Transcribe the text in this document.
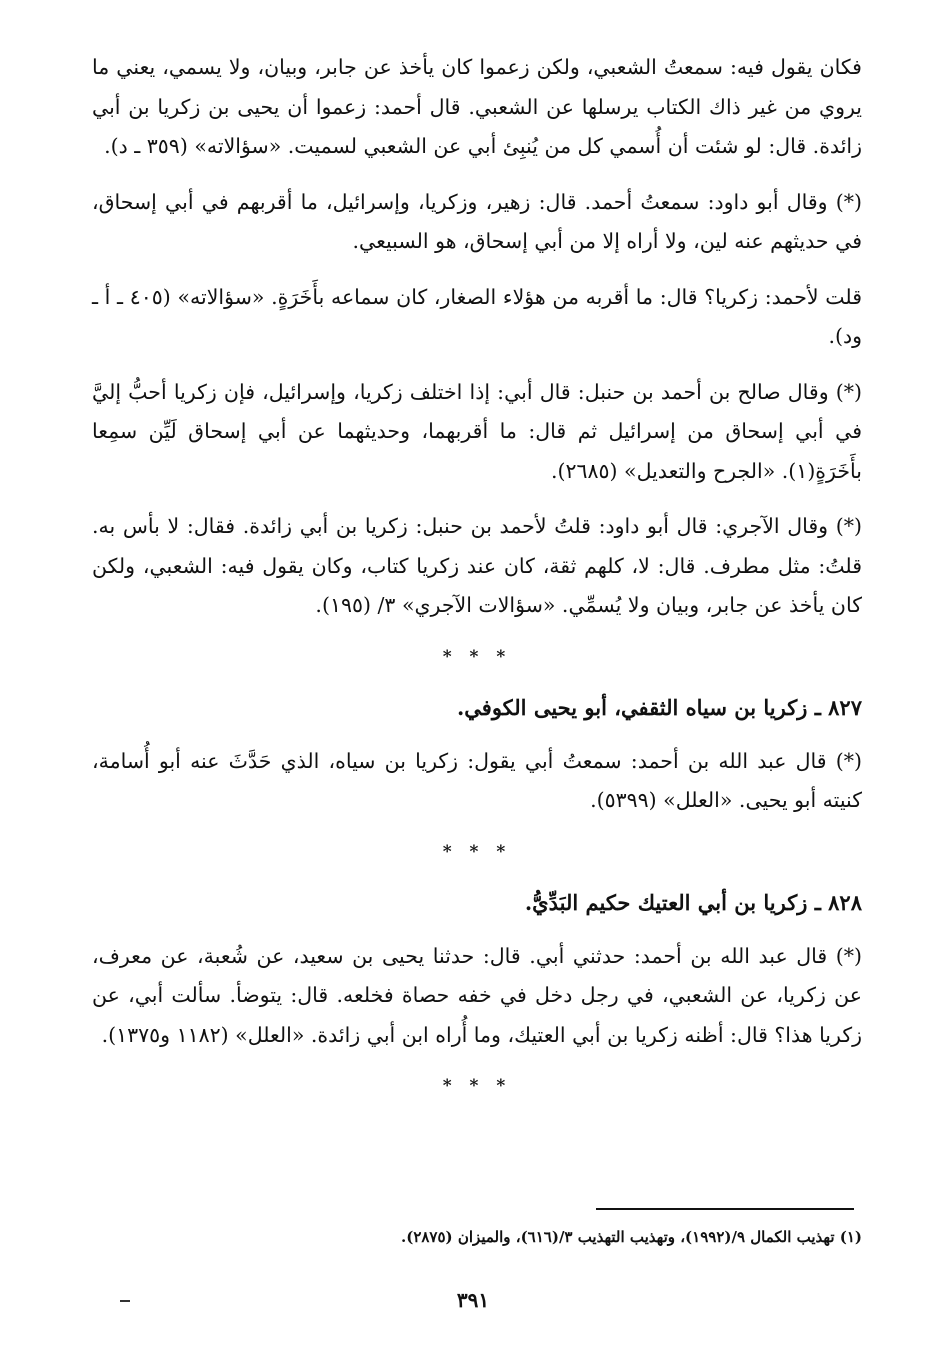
فكان يقول فيه: سمعتُ الشعبي، ولكن زعموا كان يأخذ عن جابر، وبيان، ولا يسمي، يعني ما يروي من غير ذاك الكتاب يرسلها عن الشعبي. قال أحمد: زعموا أن يحيى بن زكريا بن أبي زائدة. قال: لو شئت أن أُسمي كل من يُنبِئ أبي عن الشعبي لسميت. «سؤالاته» (٣٥٩ ـ د).

(*) وقال أبو داود: سمعتُ أحمد. قال: زهير، وزكريا، وإسرائيل، ما أقربهم في أبي إسحاق، في حديثهم عنه لين، ولا أراه إلا من أبي إسحاق، هو السبيعي.

قلت لأحمد: زكريا؟ قال: ما أقربه من هؤلاء الصغار، كان سماعه بأَخَرَةٍ. «سؤالاته» (٤٠٥ ـ أ ـ ود).

(*) وقال صالح بن أحمد بن حنبل: قال أبي: إذا اختلف زكريا، وإسرائيل، فإن زكريا أحبُّ إليَّ في أبي إسحاق من إسرائيل ثم قال: ما أقربهما، وحديثهما عن أبي إسحاق لَيِّن سمِعا بأَخَرَةٍ(١). «الجرح والتعديل» (٢٦٨٥).

(*) وقال الآجري: قال أبو داود: قلتُ لأحمد بن حنبل: زكريا بن أبي زائدة. فقال: لا بأس به. قلتُ: مثل مطرف. قال: لا، كلهم ثقة، كان عند زكريا كتاب، وكان يقول فيه: الشعبي، ولكن كان يأخذ عن جابر، وبيان ولا يُسمِّي. «سؤالات الآجري» ٣/ (١٩٥).

* * *
٨٢٧ ـ زكريا بن سياه الثقفي، أبو يحيى الكوفي.

(*) قال عبد الله بن أحمد: سمعتُ أبي يقول: زكريا بن سياه، الذي حَدَّثَ عنه أبو أُسامة، كنيته أبو يحيى. «العلل» (٥٣٩٩).

* * *
٨٢٨ ـ زكريا بن أبي العتيك حكيم البَدِّيُّ.

(*) قال عبد الله بن أحمد: حدثني أبي. قال: حدثنا يحيى بن سعيد، عن شُعبة، عن معرف، عن زكريا، عن الشعبي، في رجل دخل في خفه حصاة فخلعه. قال: يتوضأ. سألت أبي، عن زكريا هذا؟ قال: أظنه زكريا بن أبي العتيك، وما أُراه ابن أبي زائدة. «العلل» (١١٨٢ و١٣٧٥).

* * *
(١) تهذيب الكمال ٩/(١٩٩٢)، وتهذيب التهذيب ٣/(٦١٦)، والميزان (٢٨٧٥).
٣٩١
